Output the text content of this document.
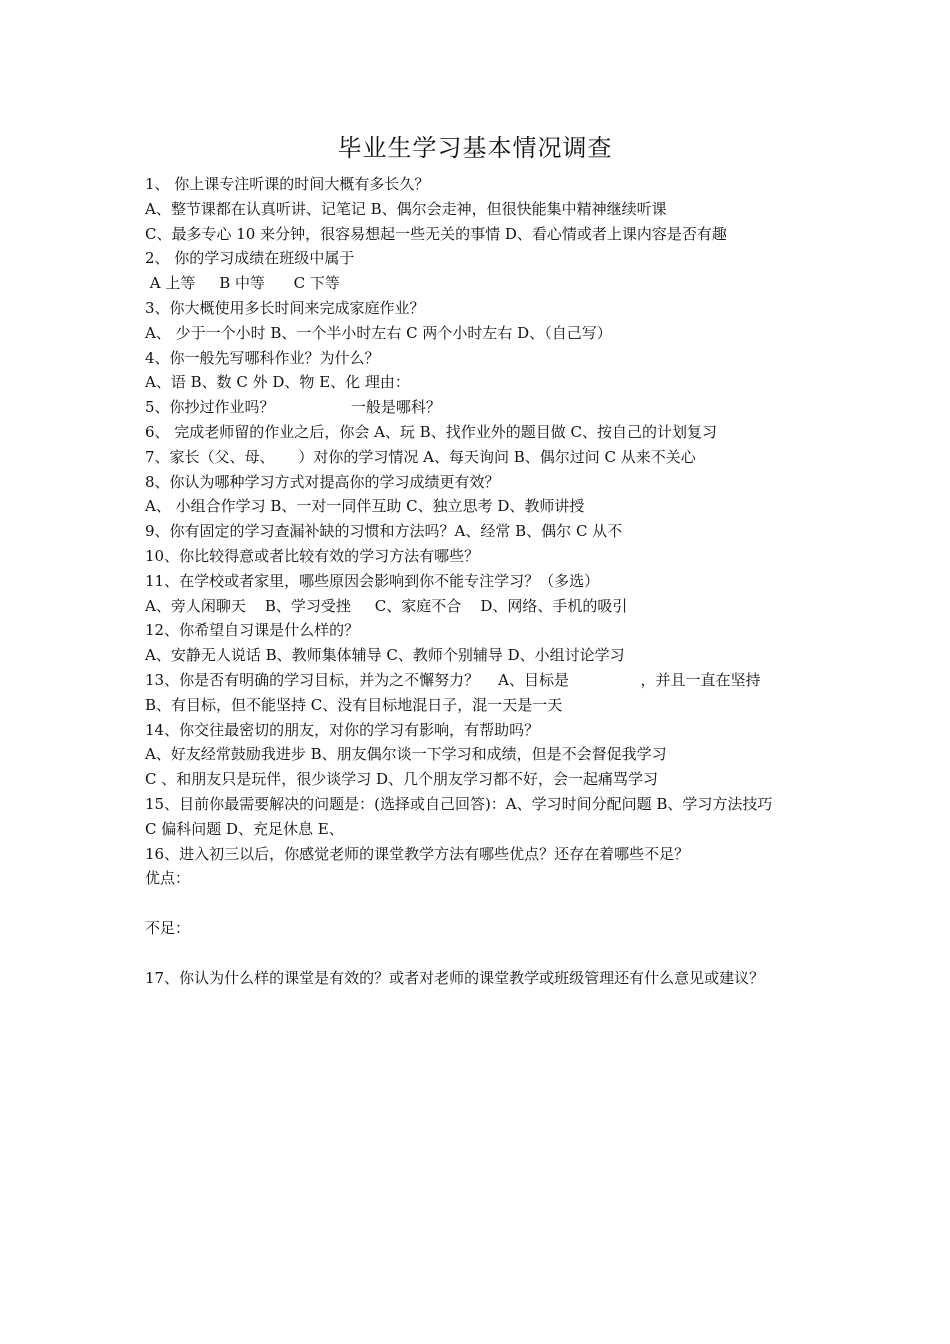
毕业生学习基本情况调查
1、 你上课专注听课的时间大概有多长久？
A、整节课都在认真听讲、记笔记 B、偶尔会走神，但很快能集中精神继续听课
C、最多专心 10 来分钟，很容易想起一些无关的事情 D、看心情或者上课内容是否有趣
2、 你的学习成绩在班级中属于
A 上等     B 中等      C 下等
3、你大概使用多长时间来完成家庭作业？
A、 少于一个小时 B、一个半小时左右 C 两个小时左右 D、（自己写）
4、你一般先写哪科作业？为什么？
A、语 B、数 C 外 D、物 E、化 理由：
5、你抄过作业吗？                一般是哪科？
6、 完成老师留的作业之后，你会 A、玩 B、找作业外的题目做 C、按自己的计划复习
7、家长（父、母、     ）对你的学习情况 A、每天询问 B、偶尔过问 C 从来不关心
8、你认为哪种学习方式对提高你的学习成绩更有效？
A、 小组合作学习 B、一对一同伴互助 C、独立思考 D、教师讲授
9、你有固定的学习查漏补缺的习惯和方法吗？A、经常 B、偶尔 C 从不
10、你比较得意或者比较有效的学习方法有哪些？
11、在学校或者家里，哪些原因会影响到你不能专注学习？（多选）
A、旁人闲聊天    B、学习受挫     C、家庭不合    D、网络、手机的吸引
12、你希望自习课是什么样的？
A、安静无人说话 B、教师集体辅导 C、教师个别辅导 D、小组讨论学习
13、你是否有明确的学习目标，并为之不懈努力？    A、目标是               ，并且一直在坚持
B、有目标，但不能坚持 C、没有目标地混日子，混一天是一天
14、你交往最密切的朋友，对你的学习有影响，有帮助吗？
A、好友经常鼓励我进步 B、朋友偶尔谈一下学习和成绩，但是不会督促我学习
C 、和朋友只是玩伴，很少谈学习 D、几个朋友学习都不好，会一起痛骂学习
15、目前你最需要解决的问题是：(选择或自己回答)：A、学习时间分配问题 B、学习方法技巧
C 偏科问题 D、充足休息 E、
16、进入初三以后，你感觉老师的课堂教学方法有哪些优点？还存在着哪些不足？
优点：
不足：
17、你认为什么样的课堂是有效的？或者对老师的课堂教学或班级管理还有什么意见或建议？
